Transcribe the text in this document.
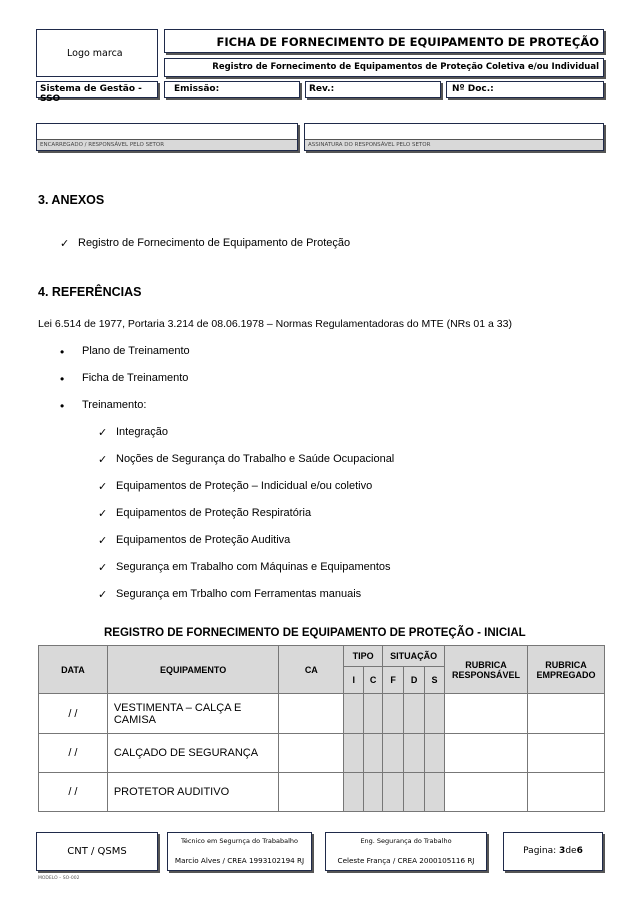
Logo marca
FICHA DE FORNECIMENTO DE EQUIPAMENTO DE PROTEÇÃO
Registro de Fornecimento de Equipamentos de Proteção Coletiva e/ou Individual
Sistema de Gestão - SSO
Emissão:	Rev.:	Nº Doc.:
ENCARREGADO / RESPONSÁVEL PELO SETOR	ASSINATURA DO RESPONSÁVEL PELO SETOR
3. ANEXOS
✓ Registro de Fornecimento de Equipamento de Proteção
4. REFERÊNCIAS
Lei 6.514 de 1977, Portaria 3.214 de 08.06.1978 – Normas Regulamentadoras do MTE (NRs 01 a 33)
• Plano de Treinamento
• Ficha de Treinamento
• Treinamento:
✓ Integração
✓ Noções de Segurança do Trabalho e Saúde Ocupacional
✓ Equipamentos de Proteção – Indicidual e/ou coletivo
✓ Equipamentos de Proteção Respiratória
✓ Equipamentos de Proteção Auditiva
✓ Segurança em Trabalho com Máquinas e Equipamentos
✓ Segurança em Trbalho com Ferramentas manuais
REGISTRO DE FORNECIMENTO DE EQUIPAMENTO DE PROTEÇÃO - INICIAL
DATA	EQUIPAMENTO	CA	TIPO		SITUAÇÃO			RUBRICA RESPONSÁVEL	RUBRICA EMPREGADO
			I	C	F	D	S		
/ /	VESTIMENTA – CALÇA E CAMISA								
/ /	CALÇADO DE SEGURANÇA								
/ /	PROTETOR AUDITIVO								
CNT / QSMS
Técnico em Segurnça do Trababalho
Marcio Alves / CREA 1993102194 RJ
Eng. Segurança do Trabalho
Celeste França / CREA 2000105116 RJ
Pagina: 3de6
MODELO – SO-002
